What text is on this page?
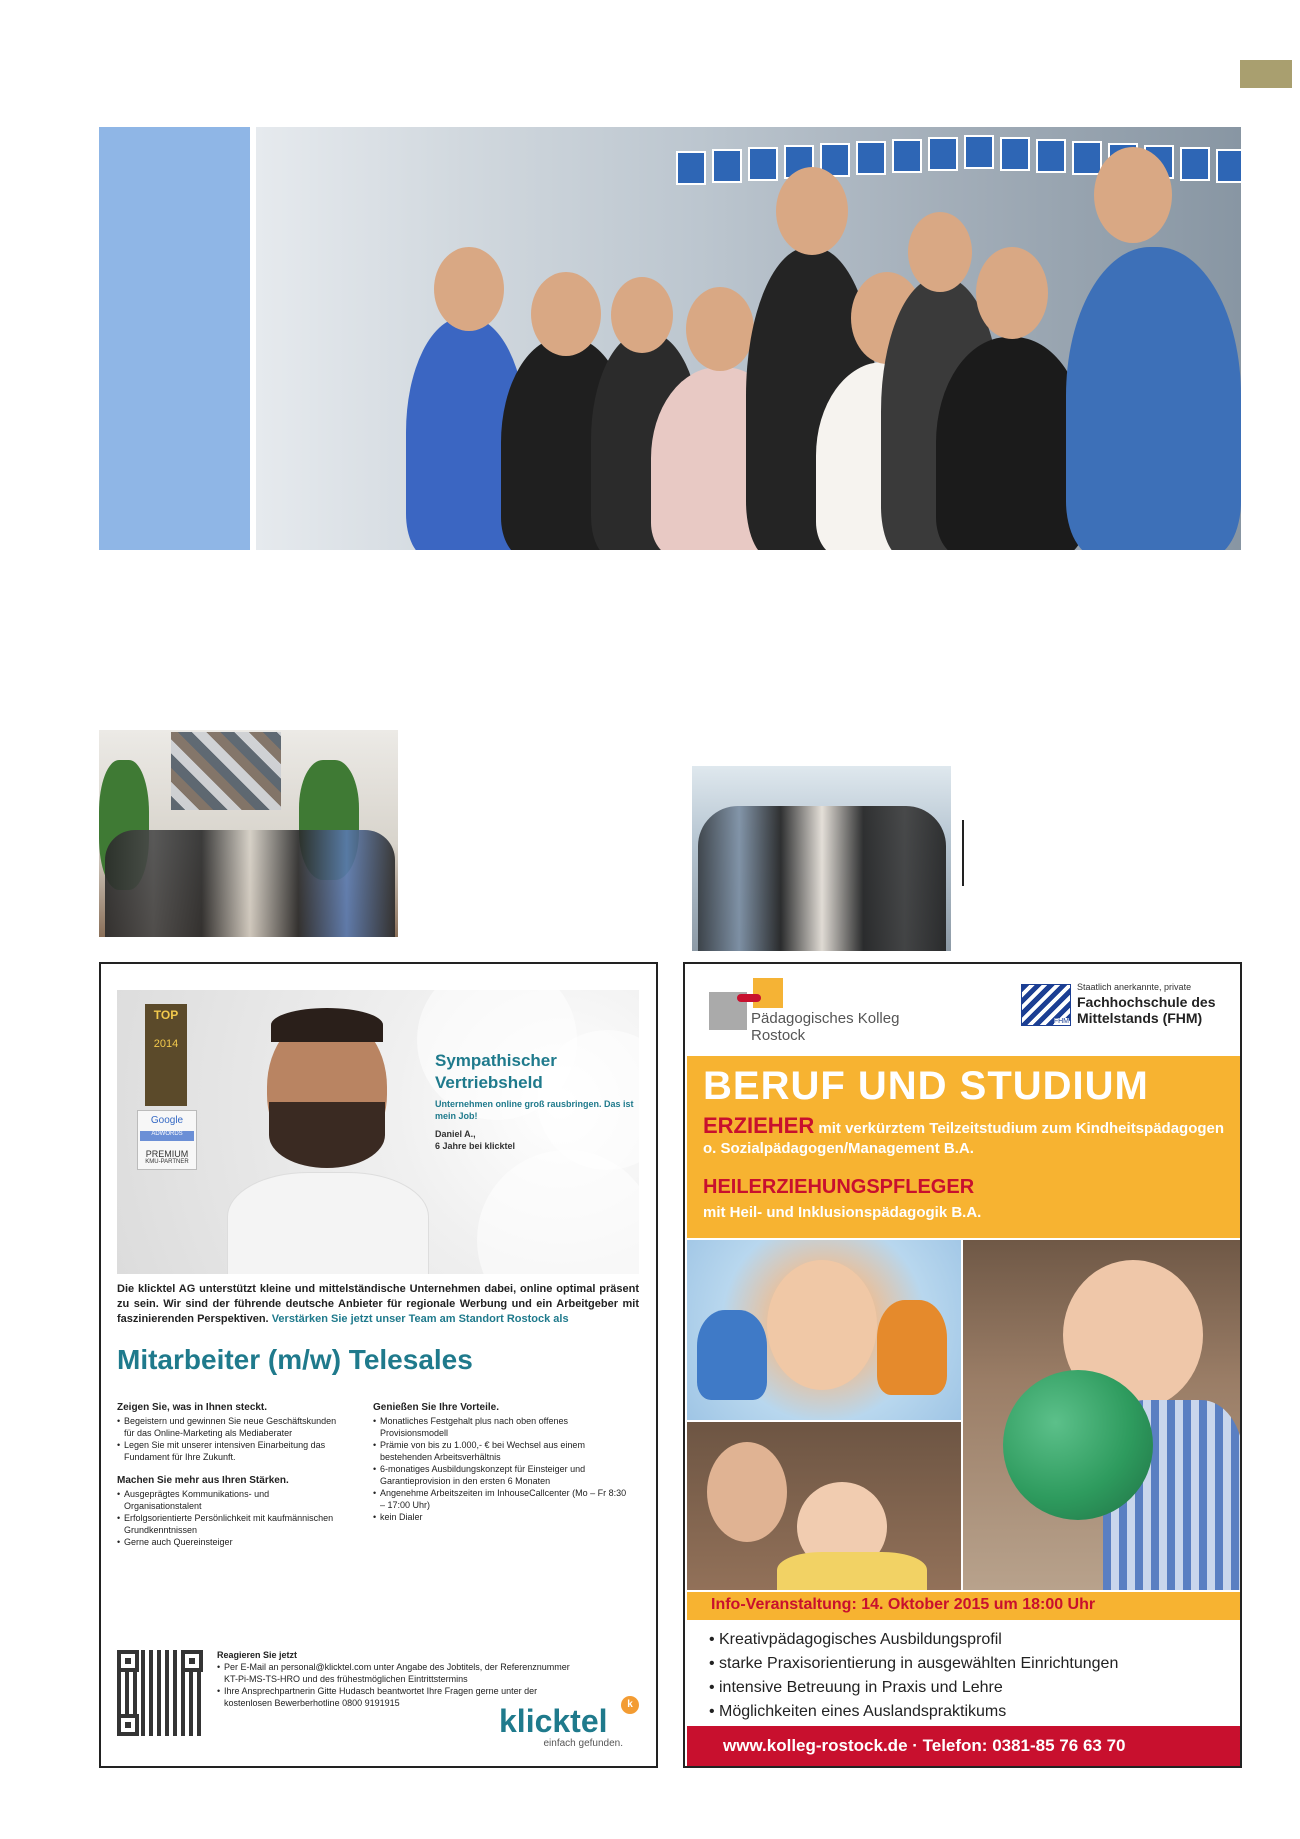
TOP
2014
Google
ADWORDS
PREMIUM
KMU-PARTNER
Sympathischer Vertriebsheld
Unternehmen online groß rausbringen. Das ist mein Job!
Daniel A.,
6 Jahre bei klicktel
Die klicktel AG unterstützt kleine und mittelständische Unternehmen dabei, online optimal präsent zu sein. Wir sind der führende deutsche Anbieter für regionale Werbung und ein Arbeitgeber mit faszinierenden Perspektiven. Verstärken Sie jetzt unser Team am Standort Rostock als
Mitarbeiter (m/w) Telesales
Zeigen Sie, was in Ihnen steckt.
• Begeistern und gewinnen Sie neue Geschäftskunden für das Online-Marketing als Mediaberater
• Legen Sie mit unserer intensiven Einarbeitung das Fundament für Ihre Zukunft.
Machen Sie mehr aus Ihren Stärken.
• Ausgeprägtes Kommunikations- und Organisationstalent
• Erfolgsorientierte Persönlichkeit mit kaufmännischen Grundkenntnissen
• Gerne auch Quereinsteiger
Genießen Sie Ihre Vorteile.
• Monatliches Festgehalt plus nach oben offenes Provisionsmodell
• Prämie von bis zu 1.000,- € bei Wechsel aus einem bestehenden Arbeitsverhältnis
• 6-monatiges Ausbildungskonzept für Einsteiger und Garantieprovision in den ersten 6 Monaten
• Angenehme Arbeitszeiten im InhouseCallcenter (Mo – Fr 8:30 – 17:00 Uhr)
• kein Dialer
Reagieren Sie jetzt
• Per E-Mail an personal@klicktel.com unter Angabe des Jobtitels, der Referenznummer KT-Pi-MS-TS-HRO und des frühestmöglichen Eintrittstermins
• Ihre Ansprechpartnerin Gitte Hudasch beantwortet Ihre Fragen gerne unter der kostenlosen Bewerberhotline 0800 9191915	k
klicktel
einfach gefunden.
Pädagogisches Kolleg
Rostock
FHM
Staatlich anerkannte, private
Fachhochschule des
Mittelstands (FHM)
BERUF UND STUDIUM
ERZIEHER mit verkürztem Teilzeitstudium zum Kindheitspädagogen o. Sozialpädagogen/Management B.A.
HEILERZIEHUNGSPFLEGER
mit Heil- und Inklusionspädagogik B.A.
Info-Veranstaltung: 14. Oktober 2015 um 18:00 Uhr
• Kreativpädagogisches Ausbildungsprofil
• starke Praxisorientierung in ausgewählten Einrichtungen
• intensive Betreuung in Praxis und Lehre
• Möglichkeiten eines Auslandspraktikums
www.kolleg-rostock.de · Telefon: 0381-85 76 63 70
